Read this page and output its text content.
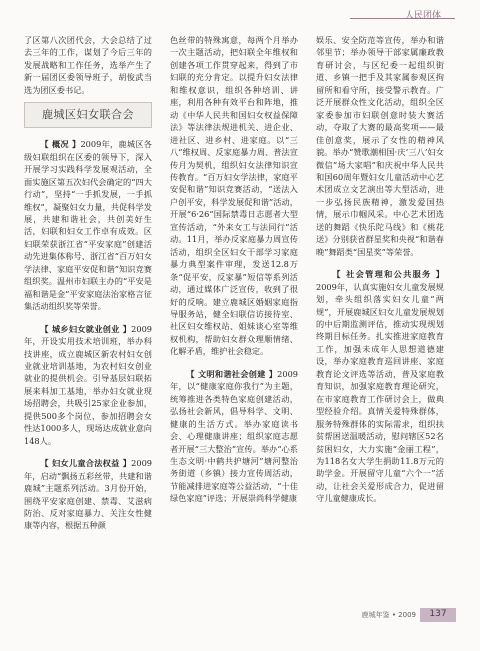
人民团体

了区第八次团代会，大会总结了过去三年的工作，谋划了今后三年的发展战略和工作任务，选举产生了新一届团区委领导班子，胡俊武当选为团区委书记。

鹿城区妇女联合会

【 概况 】2009年，鹿城区各级妇联组织在区委的领导下，深入开展学习实践科学发展观活动，全面实施区第五次妇代会确定的“四大行动”，坚持“一手抓发展，一手抓维权”，凝聚妇女力量，共促科学发展，共建和谐社会，共创美好生活，妇联和妇女工作卓有成效。区妇联荣获浙江省“平安家庭”创建活动先进集体称号、浙江省“百万妇女学法律、家庭平安促和谐”知识竞赛组织奖。温州市妇联主办的“平安是福和谐是金”平安家庭法治家格言征集活动组织奖等荣誉。

【 城乡妇女就业创业 】2009年，开设实用技术培训班，举办科技讲座，成立鹿城区新农村妇女创业就业培训基地，为农村妇女创业就业的提供机会。引导基层妇联拓展来料加工基地，举办妇女就业现场招聘会，共吸引25家企业参加，提供500多个岗位，参加招聘会女性达1000多人，现场达成就业意向148人。

【 妇女儿童合法权益 】2009年，启动“飘扬五彩丝带，共建和谐鹿城”主题系列活动。3月份开始，围绕平安家庭创建、禁毒、艾滋病防治、反对家庭暴力、关注女性健康等内容，根据五种颜

色丝带的特殊寓意，每两个月举办一次主题活动，把妇联全年维权和创建各项工作贯穿起来，得到了市妇联的充分肯定。以提升妇女法律和维权意识，组织各种培训、讲座，利用各种有效平台和阵地，推动《中华人民共和国妇女权益保障法》等法律法规进机关、进企业、进社区、进乡村、进家庭。以“三八”维权周、反家庭暴力周、普法宣传月为契机，组织妇女法律知识宣传教育。“百万妇女学法律，家庭平安促和谐”知识竞赛活动，“送法入户创平安，科学发展促和谐”活动，开展“6·26”国际禁毒日志愿者大型宣传活动，“外来女工与法同行”活动。11月，举办反家庭暴力周宣传活动，组织全区妇女干部学习家庭暴力典型案件审理，发送12.8万条“促平安，反家暴”短信等系列活动，通过媒体广泛宣传，收到了很好的反响。建立鹿城区婚姻家庭指导服务站，健全妇联信访接待室、社区妇女维权站、姐妹谈心室等维权机构，帮助妇女群众理顺情绪、化解矛盾，维护社会稳定。

【 文明和谐社会创建 】2009年，以“健康家庭你我行”为主题，统筹推进各类特色家庭创建活动，弘扬社会新风，倡导科学、文明、健康的生活方式。举办家庭读书会、心理健康讲座；组织家庭志愿者开展“三大整治”宣传。举办“心系生态文明·中鹤共护塘河”塘河整治务街道（乡镇）接力宣传周活动，节能减排进家庭等公益活动，“十佳绿色家庭”评选；开展崇尚科学健康

娱乐、安全防范等宣传，举办和谐邻里节；举办领导干部家属廉政教育研讨会，与区纪委一起组织街道、乡镇一把手及其家属参观区拘留所和看守所，接受警示教育。广泛开展群众性文化活动，组织全区家委参加市妇联创意时装大赛活动，夺取了大赛的最高奖项——最佳创意奖，展示了女性的精神风貌。举办“赞歌潮相国·庆‘三八’妇女微信”场大家唱”和庆祝中华人民共和国60周年暨妇女儿童活动中心艺术团成立文艺演出等大型活动，进一步弘扬民族精神，激发爱国热情，展示巾帼风采。中心艺术团选送的舞蹈《快乐陀马线》和《桃花送》分别获省群星奖和央视“和谐春晚”舞蹈类“国星奖”等荣誉。

【 社会管理和公共服务 】2009年，认真实施妇女儿童发展规划，牵头组织落实妇女儿童“两规”，开展鹿城区妇女儿童发展规划的中后期监测评估，推动实现规划终期目标任务。扎实推进家庭教育工作，加强未成年人思想道德建设，举办家庭教育巡回讲座、家庭教育论文评选等活动，普及家庭教育知识，加强家庭教育理论研究，在市家庭教育工作研讨会上，做典型经验介绍。真情关爱特殊群体，服务特殊群体的实际需求，组织扶贫帮困送温暖活动，慰问辖区52名贫困妇女，大力实施“金丽工程”，为118名女大学生捐助11.8万元的助学金。开展留守儿童“六个一”活动，让社会关爱形成合力，促进留守儿童健康成长。

鹿城年鉴 • 2009	137
